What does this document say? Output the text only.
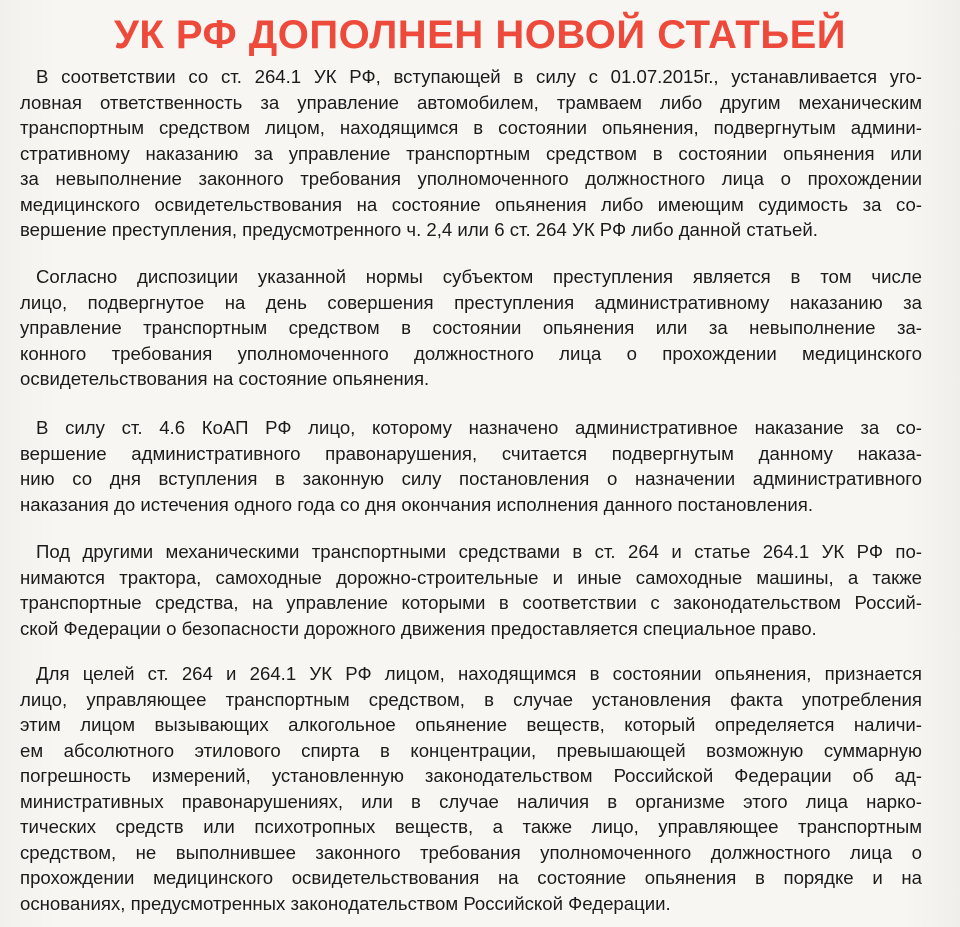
УК РФ ДОПОЛНЕН НОВОЙ СТАТЬЕЙ
В соответствии со ст. 264.1 УК РФ, вступающей в силу с 01.07.2015г., устанавливается уго-
ловная ответственность за управление автомобилем, трамваем либо другим механическим
транспортным средством лицом, находящимся в состоянии опьянения, подвергнутым админи-
стративному наказанию за управление транспортным средством в состоянии опьянения или
за невыполнение законного требования уполномоченного должностного лица о прохождении
медицинского освидетельствования на состояние опьянения либо имеющим судимость за со-
вершение преступления, предусмотренного ч. 2,4 или 6 ст. 264 УК РФ либо данной статьей.
Согласно диспозиции указанной нормы субъектом преступления является в том числе
лицо, подвергнутое на день совершения преступления административному наказанию за
управление транспортным средством в состоянии опьянения или за невыполнение за-
конного требования уполномоченного должностного лица о прохождении медицинского
освидетельствования на состояние опьянения.
В силу ст. 4.6 КоАП РФ лицо, которому назначено административное наказание за со-
вершение административного правонарушения, считается подвергнутым данному наказа-
нию со дня вступления в законную силу постановления о назначении административного
наказания до истечения одного года со дня окончания исполнения данного постановления.
Под другими механическими транспортными средствами в ст. 264 и статье 264.1 УК РФ по-
нимаются трактора, самоходные дорожно-строительные и иные самоходные машины, а также
транспортные средства, на управление которыми в соответствии с законодательством Россий-
ской Федерации о безопасности дорожного движения предоставляется специальное право.
Для целей ст. 264 и 264.1 УК РФ лицом, находящимся в состоянии опьянения, признается
лицо, управляющее транспортным средством, в случае установления факта употребления
этим лицом вызывающих алкогольное опьянение веществ, который определяется наличи-
ем абсолютного этилового спирта в концентрации, превышающей возможную суммарную
погрешность измерений, установленную законодательством Российской Федерации об ад-
министративных правонарушениях, или в случае наличия в организме этого лица нарко-
тических средств или психотропных веществ, а также лицо, управляющее транспортным
средством, не выполнившее законного требования уполномоченного должностного лица о
прохождении медицинского освидетельствования на состояние опьянения в порядке и на
основаниях, предусмотренных законодательством Российской Федерации.
